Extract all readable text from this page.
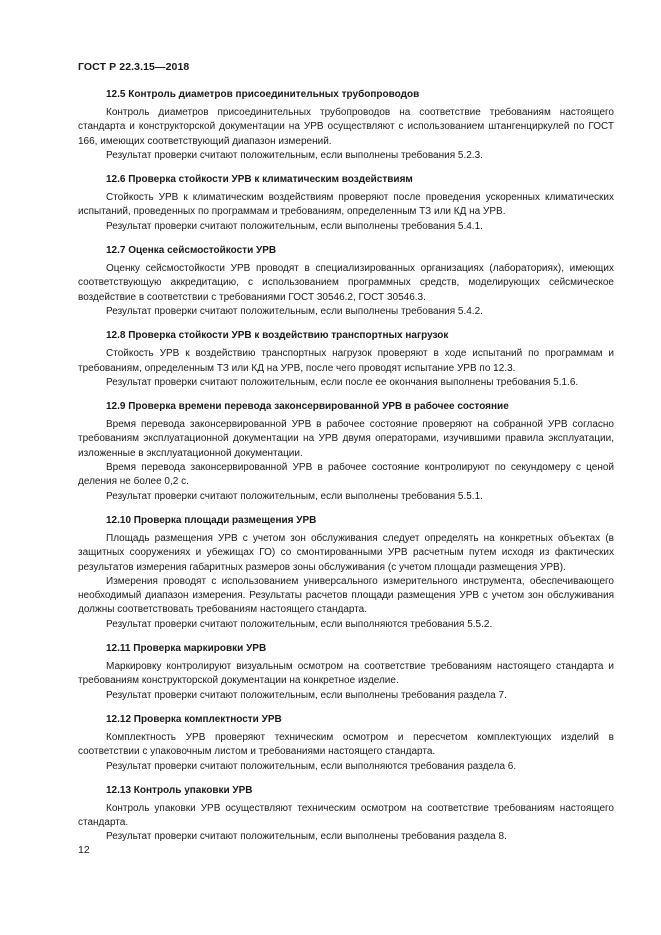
ГОСТ Р 22.3.15—2018
12.5 Контроль диаметров присоединительных трубопроводов

Контроль диаметров присоединительных трубопроводов на соответствие требованиям настоящего стандарта и конструкторской документации на УРВ осуществляют с использованием штангенциркулей по ГОСТ 166, имеющих соответствующий диапазон измерений.

Результат проверки считают положительным, если выполнены требования 5.2.3.

12.6 Проверка стойкости УРВ к климатическим воздействиям

Стойкость УРВ к климатическим воздействиям проверяют после проведения ускоренных климатических испытаний, проведенных по программам и требованиям, определенным ТЗ или КД на УРВ.

Результат проверки считают положительным, если выполнены требования 5.4.1.

12.7 Оценка сейсмостойкости УРВ

Оценку сейсмостойкости УРВ проводят в специализированных организациях (лабораториях), имеющих соответствующую аккредитацию, с использованием программных средств, моделирующих сейсмическое воздействие в соответствии с требованиями ГОСТ 30546.2, ГОСТ 30546.3.

Результат проверки считают положительным, если выполнены требования 5.4.2.

12.8 Проверка стойкости УРВ к воздействию транспортных нагрузок

Стойкость УРВ к воздействию транспортных нагрузок проверяют в ходе испытаний по программам и требованиям, определенным ТЗ или КД на УРВ, после чего проводят испытание УРВ по 12.3.

Результат проверки считают положительным, если после ее окончания выполнены требования 5.1.6.

12.9 Проверка времени перевода законсервированной УРВ в рабочее состояние

Время перевода законсервированной УРВ в рабочее состояние проверяют на собранной УРВ согласно требованиям эксплуатационной документации на УРВ двумя операторами, изучившими правила эксплуатации, изложенные в эксплуатационной документации.

Время перевода законсервированной УРВ в рабочее состояние контролируют по секундомеру с ценой деления не более 0,2 с.

Результат проверки считают положительным, если выполнены требования 5.5.1.

12.10 Проверка площади размещения УРВ

Площадь размещения УРВ с учетом зон обслуживания следует определять на конкретных объектах (в защитных сооружениях и убежищах ГО) со смонтированными УРВ расчетным путем исходя из фактических результатов измерения габаритных размеров зоны обслуживания (с учетом площади размещения УРВ).

Измерения проводят с использованием универсального измерительного инструмента, обеспечивающего необходимый диапазон измерения. Результаты расчетов площади размещения УРВ с учетом зон обслуживания должны соответствовать требованиям настоящего стандарта.

Результат проверки считают положительным, если выполняются требования 5.5.2.

12.11 Проверка маркировки УРВ

Маркировку контролируют визуальным осмотром на соответствие требованиям настоящего стандарта и требованиям конструкторской документации на конкретное изделие.

Результат проверки считают положительным, если выполнены требования раздела 7.

12.12 Проверка комплектности УРВ

Комплектность УРВ проверяют техническим осмотром и пересчетом комплектующих изделий в соответствии с упаковочным листом и требованиями настоящего стандарта.

Результат проверки считают положительным, если выполняются требования раздела 6.

12.13 Контроль упаковки УРВ

Контроль упаковки УРВ осуществляют техническим осмотром на соответствие требованиям настоящего стандарта.

Результат проверки считают положительным, если выполнены требования раздела 8.

12
